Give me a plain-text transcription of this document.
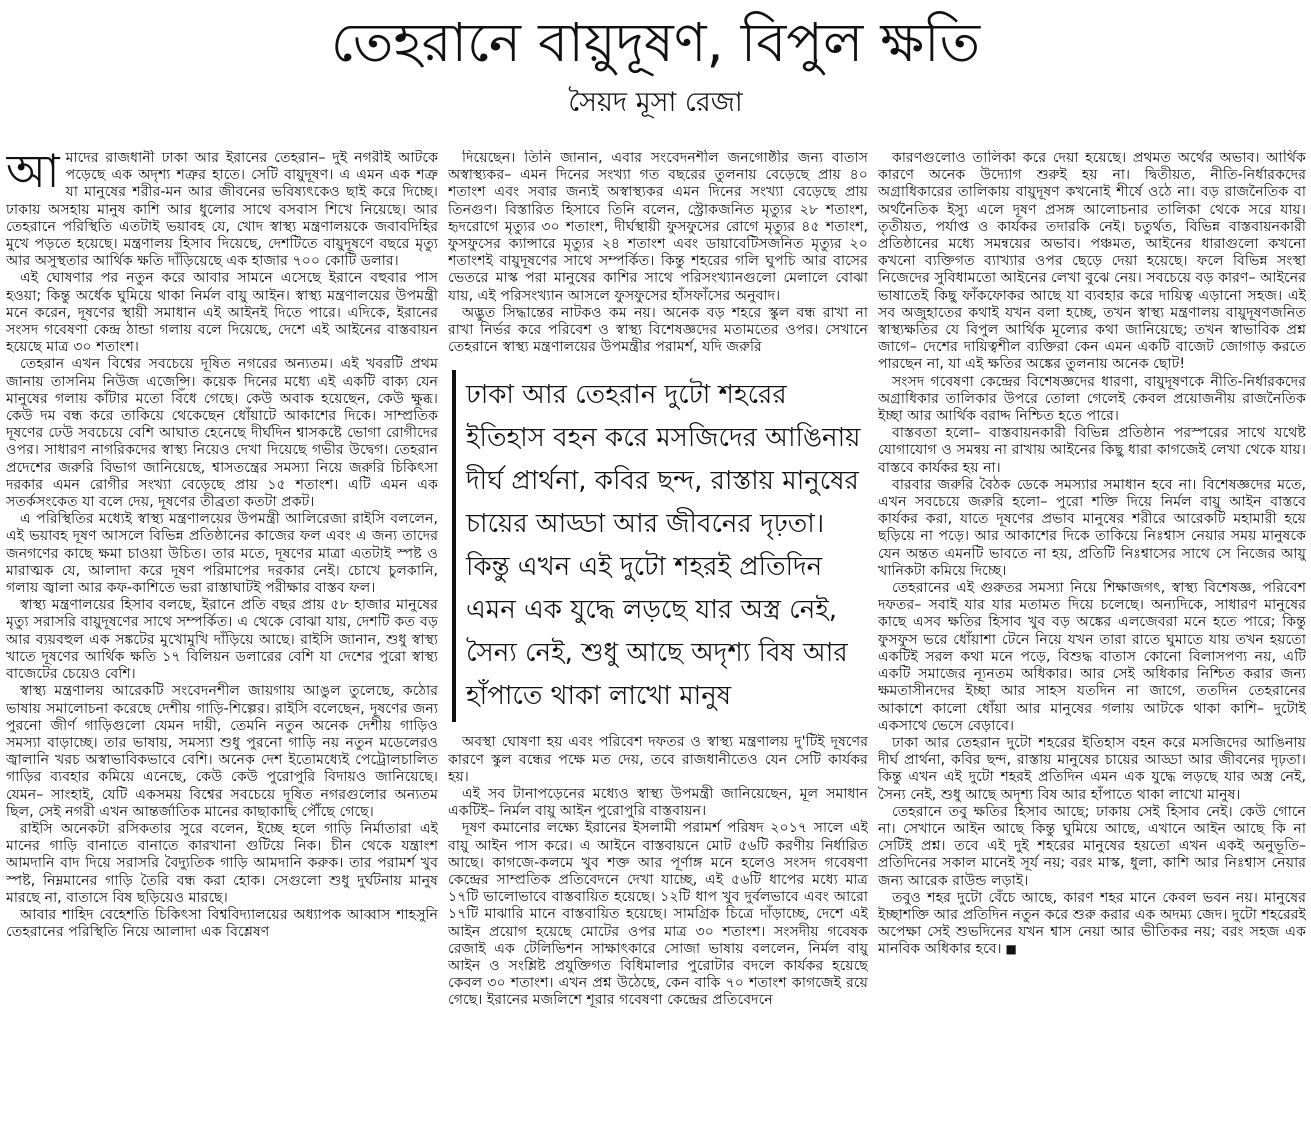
তেহরানে বায়ুদূষণ, বিপুল ক্ষতি
সৈয়দ মূসা রেজা

আমাদের রাজধানী ঢাকা আর ইরানের তেহরান– দুই নগরীই আটকে পড়েছে এক অদৃশ্য শত্রুর হাতে। সেটি বায়ুদূষণ। এ এমন এক শত্রু যা মানুষের শরীর-মন আর জীবনের ভবিষ্যৎকেও ছাই করে দিচ্ছে। ঢাকায় অসহায় মানুষ কাশি আর ধুলোর সাথে বসবাস শিখে নিয়েছে। আর তেহরানে পরিস্থিতি এতটাই ভয়াবহ যে, খোদ স্বাস্থ্য মন্ত্রণালয়কে জবাবদিহির মুখে পড়তে হয়েছে। মন্ত্রণালয় হিসাব দিয়েছে, দেশটিতে বায়ুদূষণে বছরে মৃত্যু আর অসুস্থতার আর্থিক ক্ষতি দাঁড়িয়েছে এক হাজার ৭০০ কোটি ডলার।

এই ঘোষণার পর নতুন করে আবার সামনে এসেছে ইরানে বহুবার পাস হওয়া; কিন্তু অর্ধেক ঘুমিয়ে থাকা নির্মল বায়ু আইন। স্বাস্থ্য মন্ত্রণালয়ের উপমন্ত্রী মনে করেন, দূষণের স্থায়ী সমাধান এই আইনই দিতে পারে। এদিকে, ইরানের সংসদ গবেষণা কেন্দ্র ঠান্ডা গলায় বলে দিয়েছে, দেশে এই আইনের বাস্তবায়ন হয়েছে মাত্র ৩০ শতাংশ।

তেহরান এখন বিশ্বের সবচেয়ে দূষিত নগরের অন্যতম। এই খবরটি প্রথম জানায় তাসনিম নিউজ এজেন্সি। কয়েক দিনের মধ্যে এই একটি বাক্য যেন মানুষের গলায় কাঁটার মতো বিঁধে গেছে। কেউ অবাক হয়েছেন, কেউ ক্ষুব্ধ। কেউ দম বন্ধ করে তাকিয়ে থেকেছেন ধোঁয়াটে আকাশের দিকে। সাম্প্রতিক দূষণের ঢেউ সবচেয়ে বেশি আঘাত হেনেছে দীর্ঘদিন শ্বাসকষ্টে ভোগা রোগীদের ওপর। সাধারণ নাগরিকদের স্বাস্থ্য নিয়েও দেখা দিয়েছে গভীর উদ্বেগ। তেহরান প্রদেশের জরুরি বিভাগ জানিয়েছে, শ্বাসতন্ত্রের সমস্যা নিয়ে জরুরি চিকিৎসা দরকার এমন রোগীর সংখ্যা বেড়েছে প্রায় ১৫ শতাংশ। এটি এমন এক সতর্কসংকেত যা বলে দেয়, দূষণের তীব্রতা কতটা প্রকট।

এ পরিস্থিতির মধ্যেই স্বাস্থ্য মন্ত্রণালয়ের উপমন্ত্রী আলিরেজা রাইসি বললেন, এই ভয়াবহ দূষণ আসলে বিভিন্ন প্রতিষ্ঠানের কাজের ফল এবং এ জন্য তাদের জনগণের কাছে ক্ষমা চাওয়া উচিত। তার মতে, দূষণের মাত্রা এতটাই স্পষ্ট ও মারাত্মক যে, আলাদা করে দূষণ পরিমাপের দরকার নেই। চোখে চুলকানি, গলায় জ্বালা আর কফ-কাশিতে ভরা রাস্তাঘাটই পরীক্ষার বাস্তব ফল।

স্বাস্থ্য মন্ত্রণালয়ের হিসাব বলছে, ইরানে প্রতি বছর প্রায় ৫৮ হাজার মানুষের মৃত্যু সরাসরি বায়ুদূষণের সাথে সম্পর্কিত। এ থেকে বোঝা যায়, দেশটি কত বড় আর ব্যয়বহুল এক সঙ্কটের মুখোমুখি দাঁড়িয়ে আছে। রাইসি জানান, শুধু স্বাস্থ্য খাতে দূষণের আর্থিক ক্ষতি ১৭ বিলিয়ন ডলারের বেশি যা দেশের পুরো স্বাস্থ্য বাজেটের চেয়েও বেশি।

স্বাস্থ্য মন্ত্রণালয় আরেকটি সংবেদনশীল জায়গায় আঙুল তুলেছে, কঠোর ভাষায় সমালোচনা করেছে দেশীয় গাড়ি-শিল্পের। রাইসি বলেছেন, দূষণের জন্য পুরনো জীর্ণ গাড়িগুলো যেমন দায়ী, তেমনি নতুন অনেক দেশীয় গাড়িও সমস্যা বাড়াচ্ছে। তার ভাষায়, সমস্যা শুধু পুরনো গাড়ি নয় নতুন মডেলেরও জ্বালানি খরচ অস্বাভাবিকভাবে বেশি। অনেক দেশ ইতোমধ্যেই পেট্রোলচালিত গাড়ির ব্যবহার কমিয়ে এনেছে, কেউ কেউ পুরোপুরি বিদায়ও জানিয়েছে। যেমন– সাংহাই, যেটি একসময় বিশ্বের সবচেয়ে দূষিত নগরগুলোর অন্যতম ছিল, সেই নগরী এখন আন্তর্জাতিক মানের কাছাকাছি পৌঁছে গেছে।

রাইসি অনেকটা রসিকতার সুরে বলেন, ইচ্ছে হলে গাড়ি নির্মাতারা এই মানের গাড়ি বানাতে বানাতে কারখানা গুটিয়ে নিক। চীন থেকে যন্ত্রাংশ আমদানি বাদ দিয়ে সরাসরি বৈদ্যুতিক গাড়ি আমদানি করুক। তার পরামর্শ খুব স্পষ্ট, নিম্নমানের গাড়ি তৈরি বন্ধ করা হোক। সেগুলো শুধু দুর্ঘটনায় মানুষ মারছে না, বাতাসে বিষ ছড়িয়েও মারছে।

আবার শাহিদ বেহেশতি চিকিৎসা বিশ্ববিদ্যালয়ের অধ্যাপক আব্বাস শাহসুনি তেহরানের পরিস্থিতি নিয়ে আলাদা এক বিশ্লেষণ

দিয়েছেন। তিনি জানান, এবার সংবেদনশীল জনগোষ্ঠীর জন্য বাতাস অস্বাস্থ্যকর– এমন দিনের সংখ্যা গত বছরের তুলনায় বেড়েছে প্রায় ৪০ শতাংশ এবং সবার জন্যই অস্বাস্থ্যকর এমন দিনের সংখ্যা বেড়েছে প্রায় তিনগুণ। বিস্তারিত হিসাবে তিনি বলেন, স্ট্রোকজনিত মৃত্যুর ২৮ শতাংশ, হৃদরোগে মৃত্যুর ৩০ শতাংশ, দীর্ঘস্থায়ী ফুসফুসের রোগে মৃত্যুর ৪৫ শতাংশ, ফুসফুসের ক্যান্সারে মৃত্যুর ২৪ শতাংশ এবং ডায়াবেটিসজনিত মৃত্যুর ২০ শতাংশই বায়ুদূষণের সাথে সম্পর্কিত। কিন্তু শহরের গলি ঘুপচি আর বাসের ভেতরে মাস্ক পরা মানুষের কাশির সাথে পরিসংখ্যানগুলো মেলালে বোঝা যায়, এই পরিসংখ্যান আসলে ফুসফুসের হাঁসফাঁসের অনুবাদ।

অদ্ভুত সিদ্ধান্তের নাটকও কম নয়। অনেক বড় শহরে স্কুল বন্ধ রাখা না রাখা নির্ভর করে পরিবেশ ও স্বাস্থ্য বিশেষজ্ঞদের মতামতের ওপর। সেখানে তেহরানে স্বাস্থ্য মন্ত্রণালয়ের উপমন্ত্রীর পরামর্শ, যদি জরুরি

ঢাকা আর তেহরান দুটো শহরের ইতিহাস বহন করে মসজিদের আঙিনায় দীর্ঘ প্রার্থনা, কবির ছন্দ, রাস্তায় মানুষের চায়ের আড্ডা আর জীবনের দৃঢ়তা। কিন্তু এখন এই দুটো শহরই প্রতিদিন এমন এক যুদ্ধে লড়ছে যার অস্ত্র নেই, সৈন্য নেই, শুধু আছে অদৃশ্য বিষ আর হাঁপাতে থাকা লাখো মানুষ

অবস্থা ঘোষণা হয় এবং পরিবেশ দফতর ও স্বাস্থ্য মন্ত্রণালয় দু'টিই দূষণের কারণে স্কুল বন্ধের পক্ষে মত দেয়, তবে রাজধানীতেও যেন সেটি কার্যকর হয়।

এই সব টানাপড়েনের মধ্যেও স্বাস্থ্য উপমন্ত্রী জানিয়েছেন, মূল সমাধান একটিই– নির্মল বায়ু আইন পুরোপুরি বাস্তবায়ন।

দূষণ কমানোর লক্ষ্যে ইরানের ইসলামী পরামর্শ পরিষদ ২০১৭ সালে এই বায়ু আইন পাস করে। এ আইনে বাস্তবায়নে মোট ৫৬টি করণীয় নির্ধারিত আছে। কাগজে-কলমে খুব শক্ত আর পূর্ণাঙ্গ মনে হলেও সংসদ গবেষণা কেন্দ্রের সাম্প্রতিক প্রতিবেদনে দেখা যাচ্ছে, এই ৫৬টি ধাপের মধ্যে মাত্র ১৭টি ভালোভাবে বাস্তবায়িত হয়েছে। ১২টি ধাপ খুব দুর্বলভাবে এবং আরো ১৭টি মাঝারি মানে বাস্তবায়িত হয়েছে। সামগ্রিক চিত্রে দাঁড়াচ্ছে, দেশে এই আইন প্রয়োগ হয়েছে মোটের ওপর মাত্র ৩০ শতাংশ। সংসদীয় গবেষক রেজাই এক টেলিভিশন সাক্ষাৎকারে সোজা ভাষায় বললেন, নির্মল বায়ু আইন ও সংশ্লিষ্ট প্রযুক্তিগত বিধিমালার পুরোটার বদলে কার্যকর হয়েছে কেবল ৩০ শতাংশ। এখন প্রশ্ন উঠেছে, কেন বাকি ৭০ শতাংশ কাগজেই রয়ে গেছে। ইরানের মজলিশে শূরার গবেষণা কেন্দ্রের প্রতিবেদনে

কারণগুলোও তালিকা করে দেয়া হয়েছে। প্রথমত অর্থের অভাব। আর্থিক কারণে অনেক উদ্যোগ শুরুই হয় না। দ্বিতীয়ত, নীতি-নির্ধারকদের অগ্রাধিকারের তালিকায় বায়ুদূষণ কখনোই শীর্ষে ওঠে না। বড় রাজনৈতিক বা অর্থনৈতিক ইস্যু এলে দূষণ প্রসঙ্গ আলোচনার তালিকা থেকে সরে যায়। তৃতীয়ত, পর্যাপ্ত ও কার্যকর তদারকি নেই। চতুর্থত, বিভিন্ন বাস্তবায়নকারী প্রতিষ্ঠানের মধ্যে সমন্বয়ের অভাব। পঞ্চমত, আইনের ধারাগুলো কখনো কখনো ব্যক্তিগত ব্যাখ্যার ওপর ছেড়ে দেয়া হয়েছে। ফলে বিভিন্ন সংস্থা নিজেদের সুবিধামতো আইনের লেখা বুঝে নেয়। সবচেয়ে বড় কারণ– আইনের ভাষাতেই কিছু ফাঁকফোকর আছে যা ব্যবহার করে দায়িত্ব এড়ানো সহজ। এই সব অজুহাতের কথাই যখন বলা হচ্ছে, তখন স্বাস্থ্য মন্ত্রণালয় বায়ুদূষণজনিত স্বাস্থ্যক্ষতির যে বিপুল আর্থিক মূল্যের কথা জানিয়েছে; তখন স্বাভাবিক প্রশ্ন জাগে– দেশের দায়িত্বশীল ব্যক্তিরা কেন এমন একটি বাজেট জোগাড় করতে পারছেন না, যা এই ক্ষতির অঙ্কের তুলনায় অনেক ছোট!

সংসদ গবেষণা কেন্দ্রের বিশেষজ্ঞদের ধারণা, বায়ুদূষণকে নীতি-নির্ধারকদের অগ্রাধিকার তালিকার উপরে তোলা গেলেই কেবল প্রয়োজনীয় রাজনৈতিক ইচ্ছা আর আর্থিক বরাদ্দ নিশ্চিত হতে পারে।

বাস্তবতা হলো– বাস্তবায়নকারী বিভিন্ন প্রতিষ্ঠান পরস্পরের সাথে যথেষ্ট যোগাযোগ ও সমন্বয় না রাখায় আইনের কিছু ধারা কাগজেই লেখা থেকে যায়। বাস্তবে কার্যকর হয় না।

বারবার জরুরি বৈঠক ডেকে সমস্যার সমাধান হবে না। বিশেষজ্ঞদের মতে, এখন সবচেয়ে জরুরি হলো– পুরো শক্তি দিয়ে নির্মল বায়ু আইন বাস্তবে কার্যকর করা, যাতে দূষণের প্রভাব মানুষের শরীরে আরেকটি মহামারী হয়ে ছড়িয়ে না পড়ে। আর আকাশের দিকে তাকিয়ে নিঃশ্বাস নেয়ার সময় মানুষকে যেন অন্তত এমনটি ভাবতে না হয়, প্রতিটি নিঃশ্বাসের সাথে সে নিজের আয়ু খানিকটা কমিয়ে দিচ্ছে।

তেহরানের এই গুরুতর সমস্যা নিয়ে শিক্ষাজগৎ, স্বাস্থ্য বিশেষজ্ঞ, পরিবেশ দফতর– সবাই যার যার মতামত দিয়ে চলেছে। অন্যদিকে, সাধারণ মানুষের কাছে এসব ক্ষতির হিসাব খুব বড় অঙ্কের এলজেবরা মনে হতে পারে; কিন্তু ফুসফুস ভরে ধোঁয়াশা টেনে নিয়ে যখন তারা রাতে ঘুমাতে যায় তখন হয়তো একটিই সরল কথা মনে পড়ে, বিশুদ্ধ বাতাস কোনো বিলাসপণ্য নয়, এটি একটি সমাজের ন্যূনতম অধিকার। আর সেই অধিকার নিশ্চিত করার জন্য ক্ষমতাসীনদের ইচ্ছা আর সাহস যতদিন না জাগে, ততদিন তেহরানের আকাশে কালো ধোঁয়া আর মানুষের গলায় আটকে থাকা কাশি– দুটোই একসাথে ভেসে বেড়াবে।

ঢাকা আর তেহরান দুটো শহরের ইতিহাস বহন করে মসজিদের আঙিনায় দীর্ঘ প্রার্থনা, কবির ছন্দ, রাস্তায় মানুষের চায়ের আড্ডা আর জীবনের দৃঢ়তা। কিন্তু এখন এই দুটো শহরই প্রতিদিন এমন এক যুদ্ধে লড়ছে যার অস্ত্র নেই, সৈন্য নেই, শুধু আছে অদৃশ্য বিষ আর হাঁপাতে থাকা লাখো মানুষ।

তেহরানে তবু ক্ষতির হিসাব আছে; ঢাকায় সেই হিসাব নেই। কেউ গোনে না। সেখানে আইন আছে কিন্তু ঘুমিয়ে আছে, এখানে আইন আছে কি না সেটিই প্রশ্ন। তবে এই দুই শহরের মানুষের হয়তো এখন একই অনুভূতি– প্রতিদিনের সকাল মানেই সূর্য নয়; বরং মাস্ক, ধুলা, কাশি আর নিঃশ্বাস নেয়ার জন্য আরেক রাউন্ড লড়াই।

তবুও শহর দুটো বেঁচে আছে, কারণ শহর মানে কেবল ভবন নয়। মানুষের ইচ্ছাশক্তি আর প্রতিদিন নতুন করে শুরু করার এক অদম্য জেদ। দুটো শহরেরই অপেক্ষা সেই শুভদিনের যখন শ্বাস নেয়া আর ভীতিকর নয়; বরং সহজ এক মানবিক অধিকার হবে। ■
